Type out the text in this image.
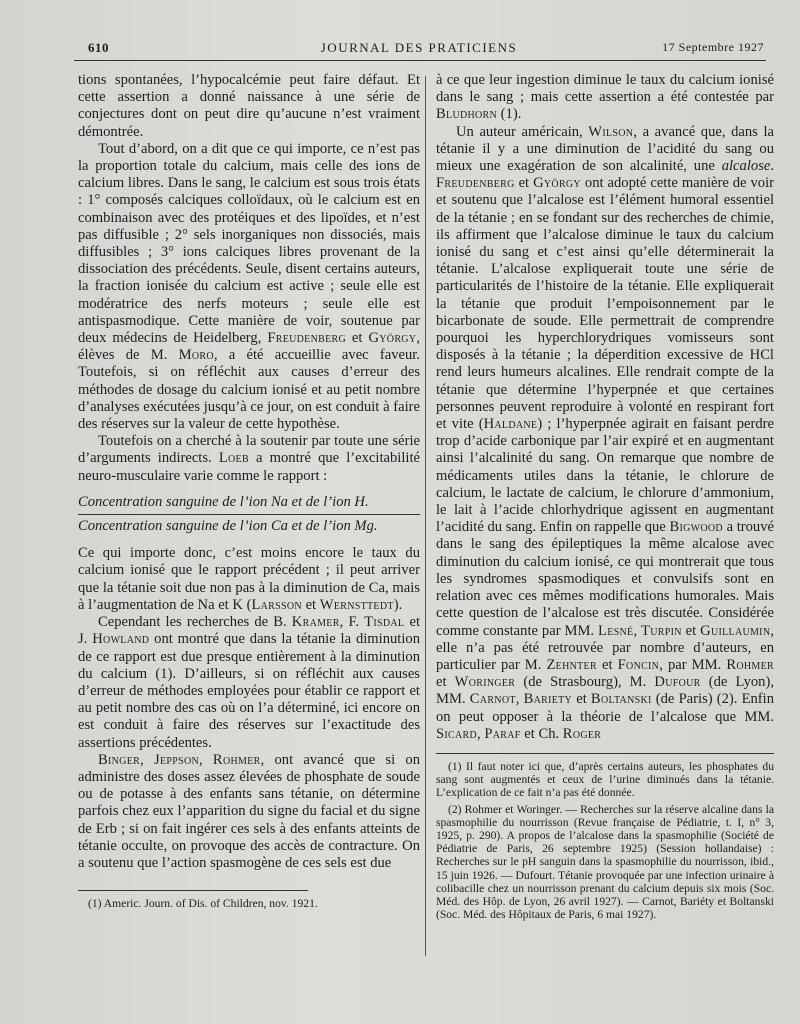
610	JOURNAL DES PRATICIENS	17 Septembre 1927

tions spontanées, l’hypocalcémie peut faire défaut. Et cette assertion a donné naissance à une série de conjectures dont on peut dire qu’aucune n’est vraiment démontrée.

Tout d’abord, on a dit que ce qui importe, ce n’est pas la proportion totale du calcium, mais celle des ions de calcium libres. Dans le sang, le calcium est sous trois états : 1° composés calciques colloïdaux, où le calcium est en combinaison avec des protéiques et des lipoïdes, et n’est pas diffusible ; 2° sels inorganiques non dissociés, mais diffusibles ; 3° ions calciques libres provenant de la dissociation des précédents. Seule, disent certains auteurs, la fraction ionisée du calcium est active ; seule elle est modératrice des nerfs moteurs ; seule elle est antispasmodique. Cette manière de voir, soutenue par deux médecins de Heidelberg, Freudenberg et György, élèves de M. Moro, a été accueillie avec faveur. Toutefois, si on réfléchit aux causes d’erreur des méthodes de dosage du calcium ionisé et au petit nombre d’analyses exécutées jusqu’à ce jour, on est conduit à faire des réserves sur la valeur de cette hypothèse.

Toutefois on a cherché à la soutenir par toute une série d’arguments indirects. Loeb a montré que l’excitabilité neuro-musculaire varie comme le rapport :

Concentration sanguine de l’ion Na et de l’ion H.
Concentration sanguine de l’ion Ca et de l’ion Mg.

Ce qui importe donc, c’est moins encore le taux du calcium ionisé que le rapport précédent ; il peut arriver que la tétanie soit due non pas à la diminution de Ca, mais à l’augmentation de Na et K (Larsson et Wernsttedt).

Cependant les recherches de B. Kramer, F. Tisdal et J. Howland ont montré que dans la tétanie la diminution de ce rapport est due presque entièrement à la diminution du calcium (1). D’ailleurs, si on réfléchit aux causes d’erreur de méthodes employées pour établir ce rapport et au petit nombre des cas où on l’a déterminé, ici encore on est conduit à faire des réserves sur l’exactitude des assertions précédentes.

Binger, Jeppson, Rohmer, ont avancé que si on administre des doses assez élevées de phosphate de soude ou de potasse à des enfants sans tétanie, on détermine parfois chez eux l’apparition du signe du facial et du signe de Erb ; si on fait ingérer ces sels à des enfants atteints de tétanie occulte, on provoque des accès de contracture. On a soutenu que l’action spasmogène de ces sels est due

(1) Americ. Journ. of Dis. of Children, nov. 1921.

à ce que leur ingestion diminue le taux du calcium ionisé dans le sang ; mais cette assertion a été contestée par Bludhorn (1).

Un auteur américain, Wilson, a avancé que, dans la tétanie il y a une diminution de l’acidité du sang ou mieux une exagération de son alcalinité, une alcalose. Freudenberg et György ont adopté cette manière de voir et soutenu que l’alcalose est l’élément humoral essentiel de la tétanie ; en se fondant sur des recherches de chimie, ils affirment que l’alcalose diminue le taux du calcium ionisé du sang et c’est ainsi qu’elle déterminerait la tétanie. L’alcalose expliquerait toute une série de particularités de l’histoire de la tétanie. Elle expliquerait la tétanie que produit l’empoisonnement par le bicarbonate de soude. Elle permettrait de comprendre pourquoi les hyperchlorydriques vomisseurs sont disposés à la tétanie ; la déperdition excessive de HCl rend leurs humeurs alcalines. Elle rendrait compte de la tétanie que détermine l’hyperpnée et que certaines personnes peuvent reproduire à volonté en respirant fort et vite (Haldane) ; l’hyperpnée agirait en faisant perdre trop d’acide carbonique par l’air expiré et en augmentant ainsi l’alcalinité du sang. On remarque que nombre de médicaments utiles dans la tétanie, le chlorure de calcium, le lactate de calcium, le chlorure d’ammonium, le lait à l’acide chlorhydrique agissent en augmentant l’acidité du sang. Enfin on rappelle que Bigwood a trouvé dans le sang des épileptiques la même alcalose avec diminution du calcium ionisé, ce qui montrerait que tous les syndromes spasmodiques et convulsifs sont en relation avec ces mêmes modifications humorales. Mais cette question de l’alcalose est très discutée. Considérée comme constante par MM. Lesné, Turpin et Guillaumin, elle n’a pas été retrouvée par nombre d’auteurs, en particulier par M. Zehnter et Foncin, par MM. Rohmer et Woringer (de Strasbourg), M. Dufour (de Lyon), MM. Carnot, Bariety et Boltanski (de Paris) (2). Enfin on peut opposer à la théorie de l’alcalose que MM. Sicard, Paraf et Ch. Roger

(1) Il faut noter ici que, d’après certains auteurs, les phosphates du sang sont augmentés et ceux de l’urine diminués dans la tétanie. L’explication de ce fait n’a pas été donnée.

(2) Rohmer et Woringer. — Recherches sur la réserve alcaline dans la spasmophilie du nourrisson (Revue française de Pédiatrie, t. I, n° 3, 1925, p. 290). A propos de l’alcalose dans la spasmophilie (Société de Pédiatrie de Paris, 26 septembre 1925) (Session hollandaise) : Recherches sur le pH sanguin dans la spasmophilie du nourrisson, ibid., 15 juin 1926. — Dufourt. Tétanie provoquée par une infection urinaire à colibacille chez un nourrisson prenant du calcium depuis six mois (Soc. Méd. des Hôp. de Lyon, 26 avril 1927). — Carnot, Bariéty et Boltanski (Soc. Méd. des Hôpitaux de Paris, 6 mai 1927).
